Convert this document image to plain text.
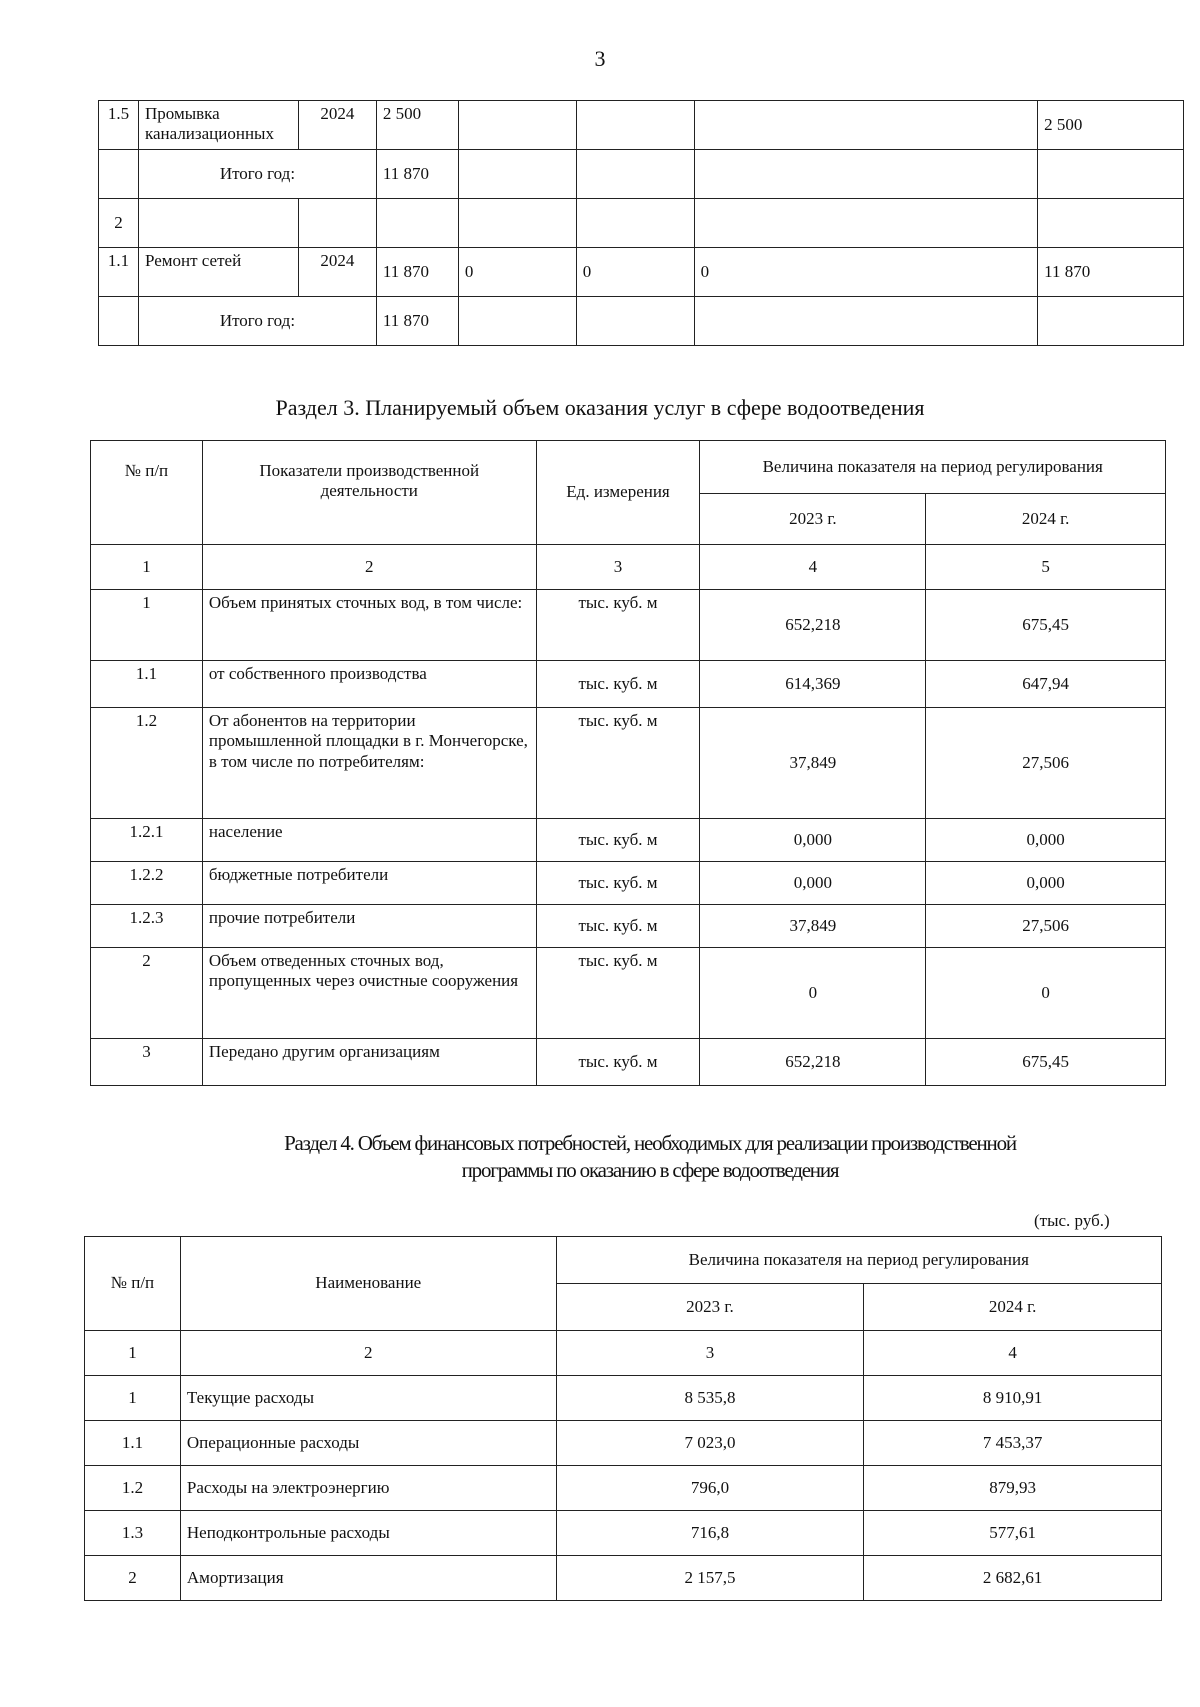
3
1.5	Промывка канализационных	2024	2 500				2 500
	Итого год:		11 870				
2							
1.1	Ремонт сетей	2024	11 870	0	0	0	11 870
	Итого год:		11 870				
Раздел 3. Планируемый объем оказания услуг в сфере водоотведения
№ п/п	Показатели производственной деятельности	Ед. измерения	Величина показателя на период регулирования	
			2023 г.	2024 г.
1	2	3	4	5
1	Объем принятых сточных вод, в том числе:	тыс. куб. м	652,218	675,45
1.1	от собственного производства	тыс. куб. м	614,369	647,94
1.2	От абонентов на территории промышленной площадки в г. Мончегорске, в том числе по потребителям:	тыс. куб. м	37,849	27,506
1.2.1	население	тыс. куб. м	0,000	0,000
1.2.2	бюджетные потребители	тыс. куб. м	0,000	0,000
1.2.3	прочие потребители	тыс. куб. м	37,849	27,506
2	Объем отведенных сточных вод, пропущенных через очистные сооружения	тыс. куб. м	0	0
3	Передано другим организациям	тыс. куб. м	652,218	675,45
Раздел 4. Объем финансовых потребностей, необходимых для реализации производственной
программы по оказанию в сфере водоотведения
(тыс. руб.)
№ п/п	Наименование	Величина показателя на период регулирования	
		2023 г.	2024 г.
1	2	3	4
1	Текущие расходы	8 535,8	8 910,91
1.1	Операционные расходы	7 023,0	7 453,37
1.2	Расходы на электроэнергию	796,0	879,93
1.3	Неподконтрольные расходы	716,8	577,61
2	Амортизация	2 157,5	2 682,61
